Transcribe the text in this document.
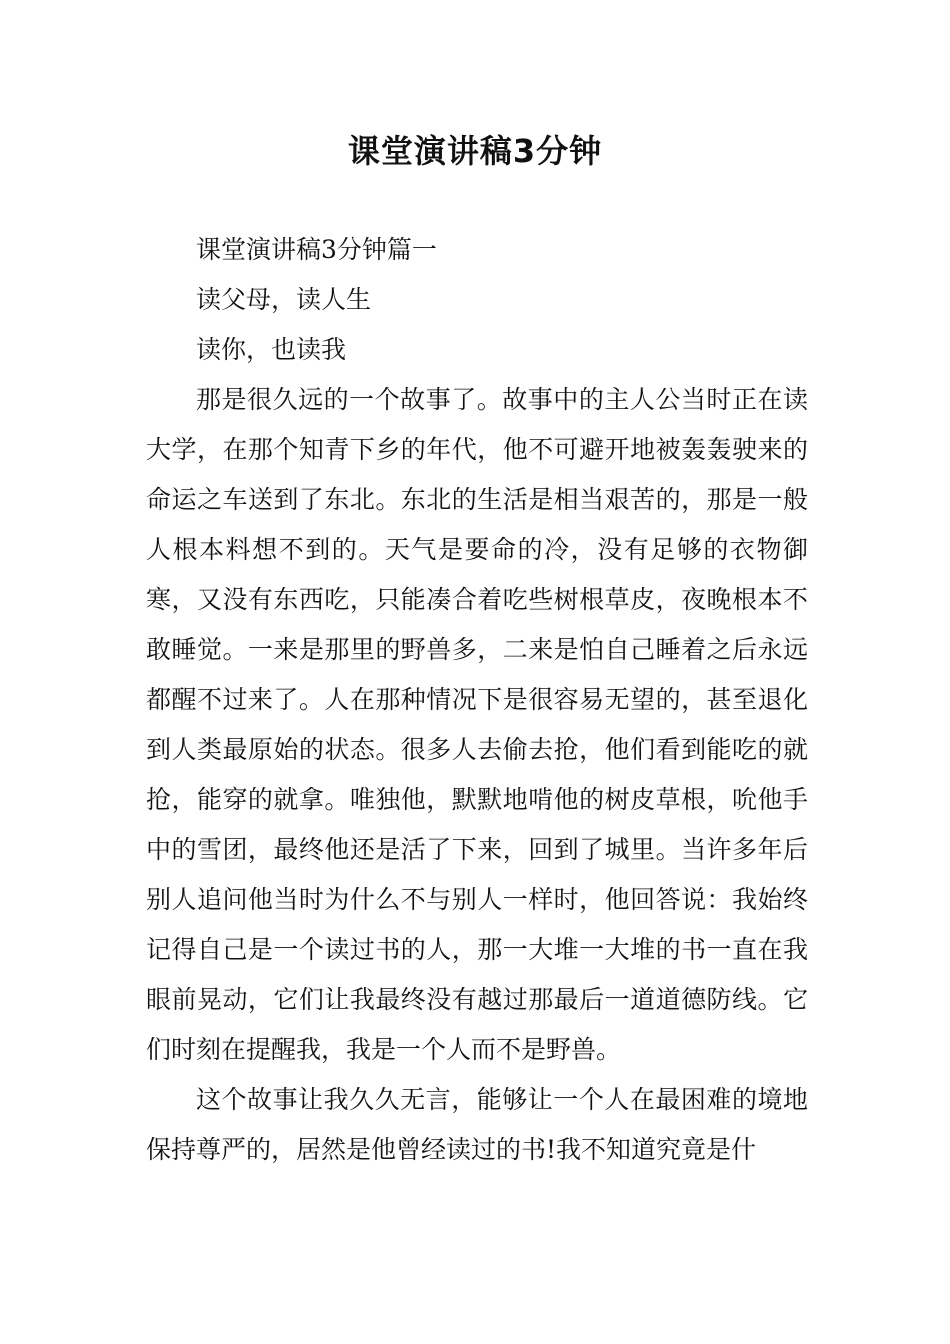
课堂演讲稿3分钟

课堂演讲稿3分钟篇一

读父母，读人生

读你，也读我

那是很久远的一个故事了。故事中的主人公当时正在读大学，在那个知青下乡的年代，他不可避开地被轰轰驶来的命运之车送到了东北。东北的生活是相当艰苦的，那是一般人根本料想不到的。天气是要命的冷，没有足够的衣物御寒，又没有东西吃，只能凑合着吃些树根草皮，夜晚根本不敢睡觉。一来是那里的野兽多，二来是怕自己睡着之后永远都醒不过来了。人在那种情况下是很容易无望的，甚至退化到人类最原始的状态。很多人去偷去抢，他们看到能吃的就抢，能穿的就拿。唯独他，默默地啃他的树皮草根，吮他手中的雪团，最终他还是活了下来，回到了城里。当许多年后别人追问他当时为什么不与别人一样时，他回答说：我始终记得自己是一个读过书的人，那一大堆一大堆的书一直在我眼前晃动，它们让我最终没有越过那最后一道道德防线。它们时刻在提醒我，我是一个人而不是野兽。

这个故事让我久久无言，能够让一个人在最困难的境地保持尊严的，居然是他曾经读过的书!我不知道究竟是什
